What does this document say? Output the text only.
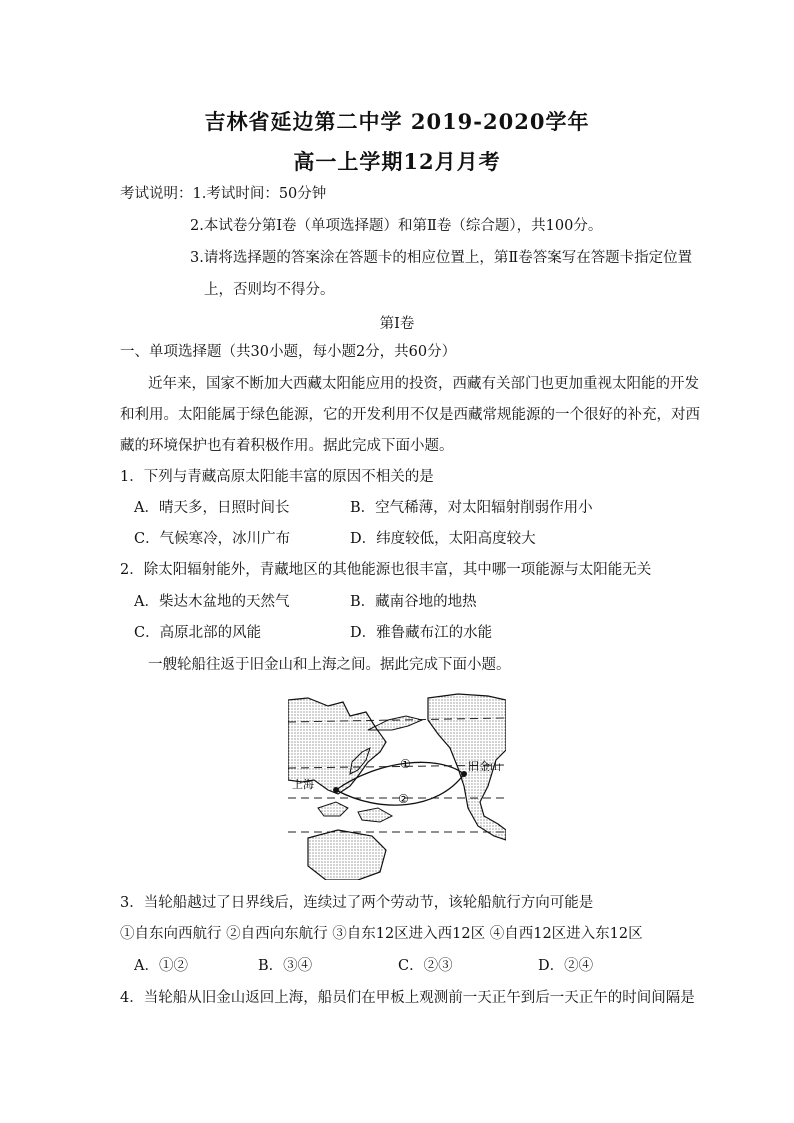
吉林省延边第二中学 2019-2020学年
高一上学期12月月考
考试说明：1.考试时间：50分钟
2.本试卷分第Ⅰ卷（单项选择题）和第Ⅱ卷（综合题），共100分。
3.请将选择题的答案涂在答题卡的相应位置上，第Ⅱ卷答案写在答题卡指定位置
上，否则均不得分。
第Ⅰ卷
一、单项选择题（共30小题，每小题2分，共60分）
近年来，国家不断加大西藏太阳能应用的投资，西藏有关部门也更加重视太阳能的开发
和利用。太阳能属于绿色能源，它的开发利用不仅是西藏常规能源的一个很好的补充，对西
藏的环境保护也有着积极作用。据此完成下面小题。
1．下列与青藏高原太阳能丰富的原因不相关的是
A．晴天多，日照时间长	B．空气稀薄，对太阳辐射削弱作用小
C．气候寒冷，冰川广布	D．纬度较低，太阳高度较大
2．除太阳辐射能外，青藏地区的其他能源也很丰富，其中哪一项能源与太阳能无关
A．柴达木盆地的天然气	B．藏南谷地的地热
C．高原北部的风能	D．雅鲁藏布江的水能
一艘轮船往返于旧金山和上海之间。据此完成下面小题。
上海
旧金山
①
②
3．当轮船越过了日界线后，连续过了两个劳动节，该轮船航行方向可能是
①自东向西航行 ②自西向东航行 ③自东12区进入西12区 ④自西12区进入东12区
A．①②	B．③④	C．②③	D．②④
4．当轮船从旧金山返回上海，船员们在甲板上观测前一天正午到后一天正午的时间间隔是
